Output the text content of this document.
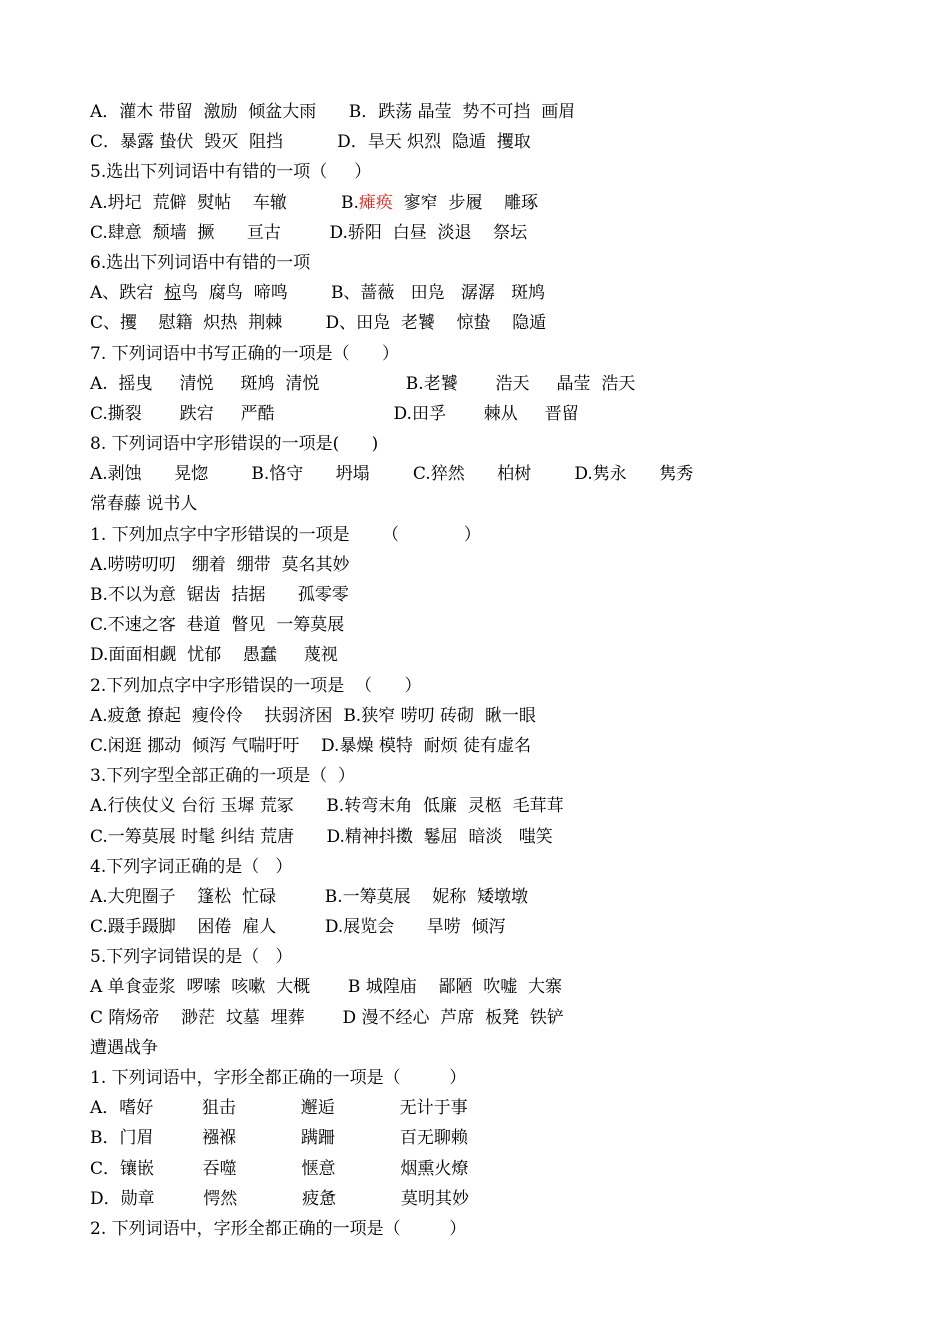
A．灌木 带留  激励  倾盆大雨      B．跌荡 晶莹  势不可挡  画眉
C．暴露 蛰伏  毁灭  阻挡          D．旱天 炽烈  隐遁  攫取
5.选出下列词语中有错的一项（     ）
A.坍圮  荒僻  熨帖    车辙          B.瘫痪  寥窄  步履    雕琢
C.肆意  颓墙  撅      亘古         D.骄阳  白昼  淡退    祭坛
6.选出下列词语中有错的一项
A、跌宕  椋鸟  腐鸟  啼鸣        B、蔷薇   田凫   潺潺   斑鸠
C、攫    慰籍  炽热  荆棘        D、田凫  老饕    惊蛰    隐遁
7. 下列词语中书写正确的一项是（      ）
A.  摇曳     清悦     斑鸠  清悦                B.老饕       浩天     晶莹  浩天
C.撕裂       跌宕     严酷                      D.田孚       棘从     晋留
8. 下列词语中字形错误的一项是(      )
A.剥蚀      晃惚        B.恪守      坍塌        C.猝然      柏树        D.隽永      隽秀
常春藤 说书人
1. 下列加点字中字形错误的一项是      （            ）
A.唠唠叨叨   绷着  绷带  莫名其妙
B.不以为意  锯齿  拮据      孤零零
C.不速之客  巷道  瞥见  一筹莫展
D.面面相觑  忧郁    愚蠢     蔑视
2.下列加点字中字形错误的一项是  （      ）
A.疲惫 撩起  瘦伶伶    扶弱济困  B.狭窄 唠叨 砖砌  瞅一眼
C.闲逛 挪动  倾泻 气喘吁吁    D.暴燥 模特  耐烦 徒有虚名
3.下列字型全部正确的一项是（  ）
A.行侠仗义 台衍 玉墀 荒冢      B.转弯末角  低廉  灵柩  毛茸茸
C.一筹莫展 时髦 纠结 荒唐      D.精神抖擞  鬈屈  暗淡   嗤笑
4.下列字词正确的是（   ）
A.大兜圈子    篷松  忙碌         B.一筹莫展    妮称  矮墩墩
C.蹑手蹑脚    困倦  雇人         D.展览会      旱唠  倾泻
5.下列字词错误的是（   ）
A 单食壶浆  啰嗦  咳嗽  大概       B 城隍庙    鄙陋  吹嘘  大寨
C 隋炀帝    渺茫  坟墓  埋葬       D 漫不经心  芦席  板凳  铁铲
遭遇战争
1. 下列词语中，字形全都正确的一项是（         ）
A．嗜好         狙击            邂逅            无计于事
B．门眉         襁褓            蹒跚            百无聊赖
C．镶嵌         吞噬            惬意            烟熏火燎
D．勋章         愕然            疲惫            莫明其妙
2. 下列词语中，字形全都正确的一项是（         ）
